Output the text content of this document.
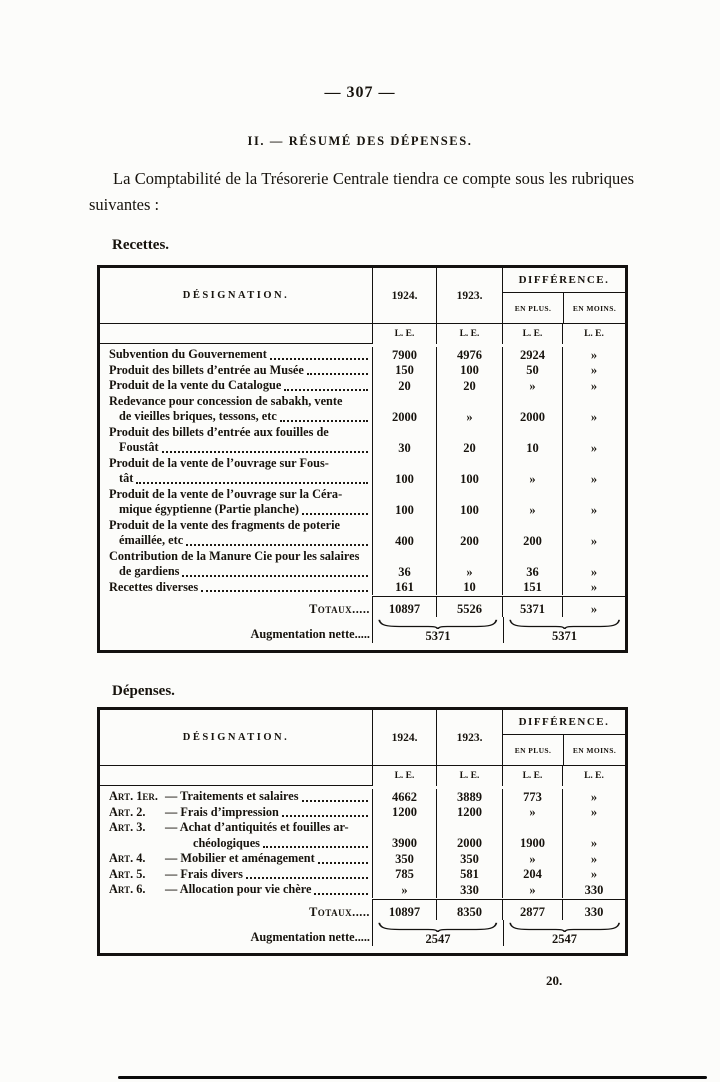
— 307 —
II. — RÉSUMÉ DES DÉPENSES.
La Comptabilité de la Trésorerie Centrale tiendra ce compte sous les rubriques suivantes :
Recettes.
DÉSIGNATION.	1924.	1923.
DIFFÉRENCE.
EN PLUS.	EN MOINS.
L. E.	L. E.	L. E.	L. E.
Subvention du Gouvernement	7900	4976	2924	»
Produit des billets d’entrée au Musée	150	100	50	»
Produit de la vente du Catalogue	20	20	»	»
Redevance pour concession de sabakh, vente
de vieilles briques, tessons, etc	2000	»	2000	»
Produit des billets d’entrée aux fouilles de
Foustât	30	20	10	»
Produit de la vente de l’ouvrage sur Fous-
tât	100	100	»	»
Produit de la vente de l’ouvrage sur la Céra-
mique égyptienne (Partie planche)	100	100	»	»
Produit de la vente des fragments de poterie
émaillée, etc	400	200	200	»
Contribution de la Manure Cie pour les salaires
de gardiens	36	»	36	»
Recettes diverses	161	10	151	»
Totaux.....	10897	5526	5371	»
Augmentation nette.....	5371	5371
Dépenses.
DÉSIGNATION.	1924.	1923.
DIFFÉRENCE.
EN PLUS.	EN MOINS.
L. E.	L. E.	L. E.	L. E.
Art. 1er. — Traitements et salaires	4662	3889	773	»
Art. 2.	— Frais d’impression	1200	1200	»	»
Art. 3. — Achat d’antiquités et fouilles ar-
chéologiques	3900	2000	1900	»
Art. 4.	— Mobilier et aménagement	350	350	»	»
Art. 5.	— Frais divers	785	581	204	»
Art. 6.	— Allocation pour vie chère	»	330	»	330
Totaux.....	10897	8350	2877	330
Augmentation nette.....	2547	2547
20.
